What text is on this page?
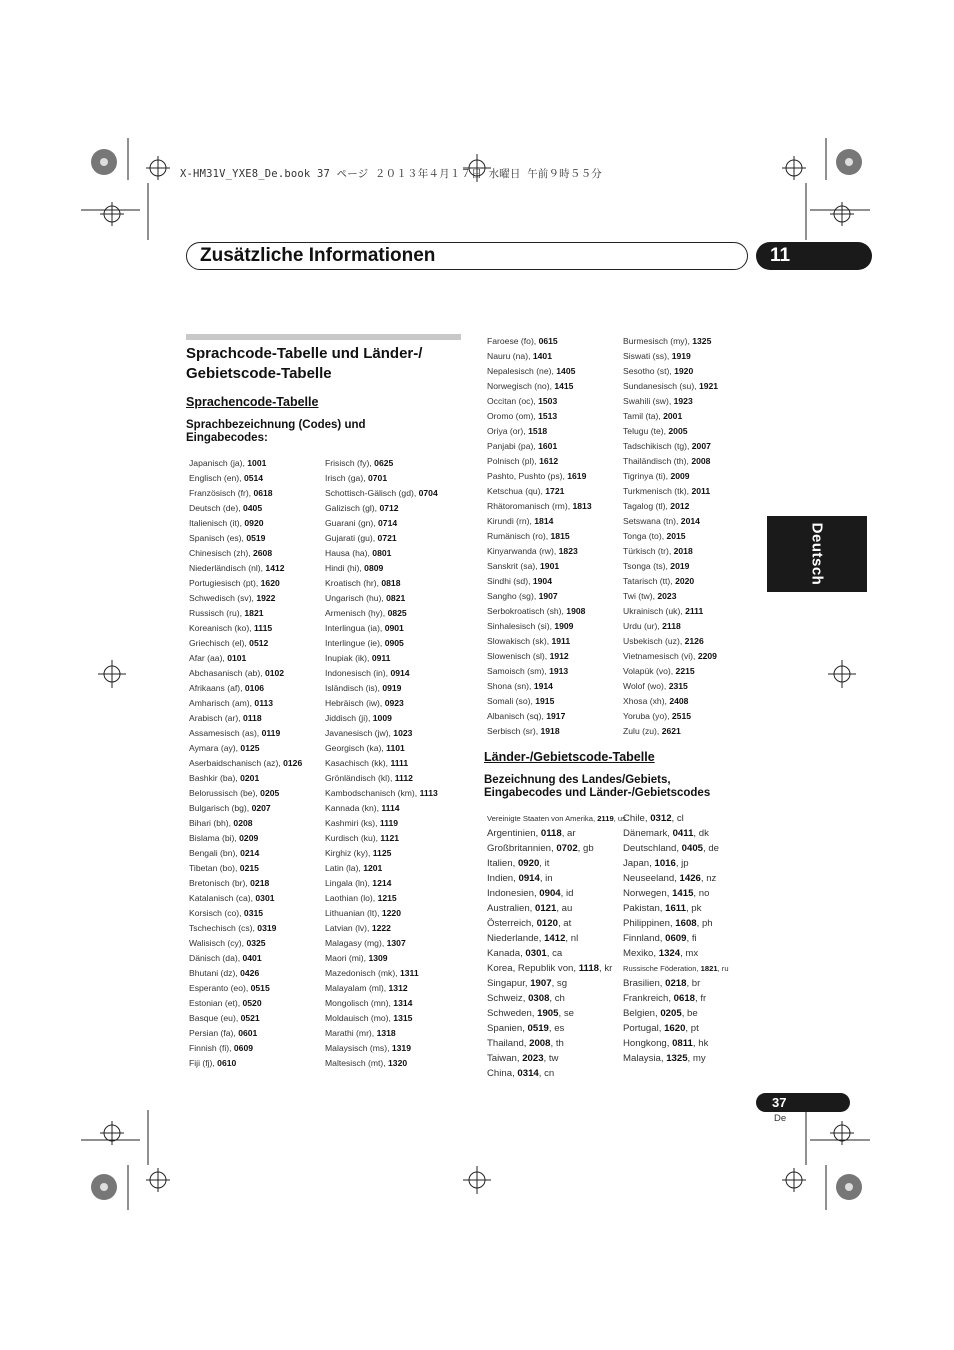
X-HM31V_YXE8_De.book 37 ページ ２０１３年４月１７日 水曜日 午前９時５５分
Zusätzliche Informationen	11
Deutsch
Sprachcode-Tabelle und Länder-/ Gebietscode-Tabelle
Sprachencode-Tabelle
Sprachbezeichnung (Codes) und Eingabecodes:
Japanisch (ja), 1001
Englisch (en), 0514
Französisch (fr), 0618
Deutsch (de), 0405
Italienisch (it), 0920
Spanisch (es), 0519
Chinesisch (zh), 2608
Niederländisch (nl), 1412
Portugiesisch (pt), 1620
Schwedisch (sv), 1922
Russisch (ru), 1821
Koreanisch (ko), 1115
Griechisch (el), 0512
Afar (aa), 0101
Abchasanisch (ab), 0102
Afrikaans (af), 0106
Amharisch (am), 0113
Arabisch (ar), 0118
Assamesisch (as), 0119
Aymara (ay), 0125
Aserbaidschanisch (az), 0126
Bashkir (ba), 0201
Belorussisch (be), 0205
Bulgarisch (bg), 0207
Bihari (bh), 0208
Bislama (bi), 0209
Bengali (bn), 0214
Tibetan (bo), 0215
Bretonisch (br), 0218
Katalanisch (ca), 0301
Korsisch (co), 0315
Tschechisch (cs), 0319
Walisisch (cy), 0325
Dänisch (da), 0401
Bhutani (dz), 0426
Esperanto (eo), 0515
Estonian (et), 0520
Basque (eu), 0521
Persian (fa), 0601
Finnish (fi), 0609
Fiji (fj), 0610
Frisisch (fy), 0625
Irisch (ga), 0701
Schottisch-Gälisch (gd), 0704
Galizisch (gl), 0712
Guarani (gn), 0714
Gujarati (gu), 0721
Hausa (ha), 0801
Hindi (hi), 0809
Kroatisch (hr), 0818
Ungarisch (hu), 0821
Armenisch (hy), 0825
Interlingua (ia), 0901
Interlingue (ie), 0905
Inupiak (ik), 0911
Indonesisch (in), 0914
Isländisch (is), 0919
Hebräisch (iw), 0923
Jiddisch (ji), 1009
Javanesisch (jw), 1023
Georgisch (ka), 1101
Kasachisch (kk), 1111
Grönländisch (kl), 1112
Kambodschanisch (km), 1113
Kannada (kn), 1114
Kashmiri (ks), 1119
Kurdisch (ku), 1121
Kirghiz (ky), 1125
Latin (la), 1201
Lingala (ln), 1214
Laothian (lo), 1215
Lithuanian (lt), 1220
Latvian (lv), 1222
Malagasy (mg), 1307
Maori (mi), 1309
Mazedonisch (mk), 1311
Malayalam (ml), 1312
Mongolisch (mn), 1314
Moldauisch (mo), 1315
Marathi (mr), 1318
Malaysisch (ms), 1319
Maltesisch (mt), 1320
Faroese (fo), 0615
Nauru (na), 1401
Nepalesisch (ne), 1405
Norwegisch (no), 1415
Occitan (oc), 1503
Oromo (om), 1513
Oriya (or), 1518
Panjabi (pa), 1601
Polnisch (pl), 1612
Pashto, Pushto (ps), 1619
Ketschua (qu), 1721
Rhätoromanisch (rm), 1813
Kirundi (rn), 1814
Rumänisch (ro), 1815
Kinyarwanda (rw), 1823
Sanskrit (sa), 1901
Sindhi (sd), 1904
Sangho (sg), 1907
Serbokroatisch (sh), 1908
Sinhalesisch (si), 1909
Slowakisch (sk), 1911
Slowenisch (sl), 1912
Samoisch (sm), 1913
Shona (sn), 1914
Somali (so), 1915
Albanisch (sq), 1917
Serbisch (sr), 1918
Burmesisch (my), 1325
Siswati (ss), 1919
Sesotho (st), 1920
Sundanesisch (su), 1921
Swahili (sw), 1923
Tamil (ta), 2001
Telugu (te), 2005
Tadschikisch (tg), 2007
Thailändisch (th), 2008
Tigrinya (ti), 2009
Turkmenisch (tk), 2011
Tagalog (tl), 2012
Setswana (tn), 2014
Tonga (to), 2015
Türkisch (tr), 2018
Tsonga (ts), 2019
Tatarisch (tt), 2020
Twi (tw), 2023
Ukrainisch (uk), 2111
Urdu (ur), 2118
Usbekisch (uz), 2126
Vietnamesisch (vi), 2209
Volapük (vo), 2215
Wolof (wo), 2315
Xhosa (xh), 2408
Yoruba (yo), 2515
Zulu (zu), 2621
Länder-/Gebietscode-Tabelle
Bezeichnung des Landes/Gebiets, Eingabecodes und Länder-/Gebietscodes
Vereinigte Staaten von Amerika, 2119, us
Argentinien, 0118, ar
Großbritannien, 0702, gb
Italien, 0920, it
Indien, 0914, in
Indonesien, 0904, id
Australien, 0121, au
Österreich, 0120, at
Niederlande, 1412, nl
Kanada, 0301, ca
Korea, Republik von, 1118, kr
Singapur, 1907, sg
Schweiz, 0308, ch
Schweden, 1905, se
Spanien, 0519, es
Thailand, 2008, th
Taiwan, 2023, tw
China, 0314, cn
Chile, 0312, cl
Dänemark, 0411, dk
Deutschland, 0405, de
Japan, 1016, jp
Neuseeland, 1426, nz
Norwegen, 1415, no
Pakistan, 1611, pk
Philippinen, 1608, ph
Finnland, 0609, fi
Mexiko, 1324, mx
Russische Föderation, 1821, ru
Brasilien, 0218, br
Frankreich, 0618, fr
Belgien, 0205, be
Portugal, 1620, pt
Hongkong, 0811, hk
Malaysia, 1325, my
37
De
